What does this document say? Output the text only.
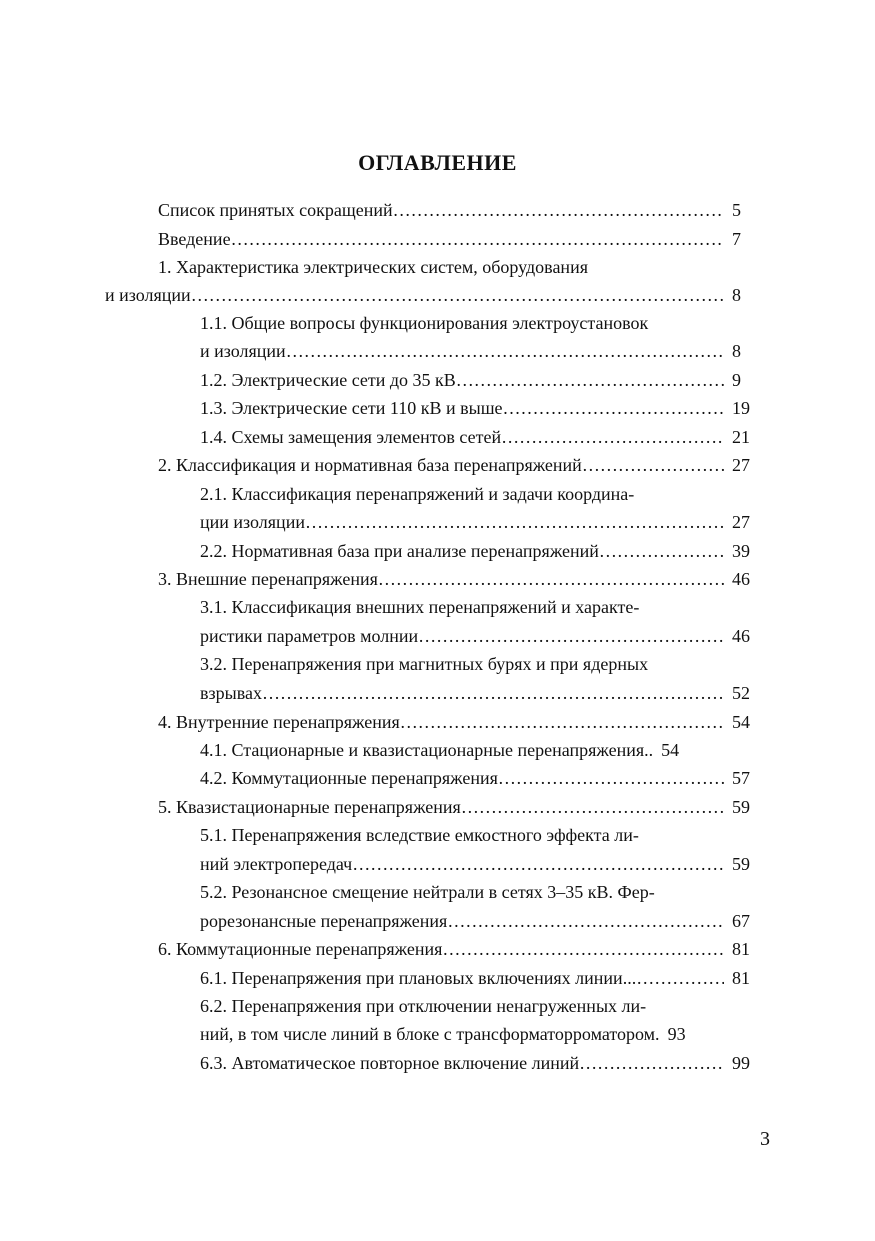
ОГЛАВЛЕНИЕ
Список принятых сокращений …………………………………………………………………………………………………………………………………………………………………………………………………………	5
Введение …………………………………………………………………………………………………………………………………………………………………………………………………………	7
1. Характеристика электрических систем, оборудования
и изоляции …………………………………………………………………………………………………………………………………………………………………………………………………………	8
1.1. Общие вопросы функционирования электроустановок
и изоляции …………………………………………………………………………………………………………………………………………………………………………………………………………	8
1.2. Электрические сети до 35 кВ …………………………………………………………………………………………………………………………………………………………………………………………………………	9
1.3. Электрические сети 110 кВ и выше …………………………………………………………………………………………………………………………………………………………………………………………………………	19
1.4. Схемы замещения элементов сетей …………………………………………………………………………………………………………………………………………………………………………………………………………	21
2. Классификация и нормативная база перенапряжений …………………………………………………………………………………………………………………………………………………………………………………………………………	27
2.1. Классификация перенапряжений и задачи координа-
ции изоляции …………………………………………………………………………………………………………………………………………………………………………………………………………	27
2.2. Нормативная база при анализе перенапряжений …………………………………………………………………………………………………………………………………………………………………………………………………………	39
3. Внешние перенапряжения …………………………………………………………………………………………………………………………………………………………………………………………………………	46
3.1. Классификация внешних перенапряжений и характе-
ристики параметров молнии …………………………………………………………………………………………………………………………………………………………………………………………………………	46
3.2. Перенапряжения при магнитных бурях и при ядерных
взрывах …………………………………………………………………………………………………………………………………………………………………………………………………………	52
4. Внутренние перенапряжения …………………………………………………………………………………………………………………………………………………………………………………………………………	54
4.1. Стационарные и квазистационарные перенапряжения.. 54
4.2. Коммутационные перенапряжения …………………………………………………………………………………………………………………………………………………………………………………………………………	57
5. Квазистационарные перенапряжения …………………………………………………………………………………………………………………………………………………………………………………………………………	59
5.1. Перенапряжения вследствие емкостного эффекта ли-
ний электропередач …………………………………………………………………………………………………………………………………………………………………………………………………………	59
5.2. Резонансное смещение нейтрали в сетях 3–35 кВ. Фер-
рорезонансные перенапряжения …………………………………………………………………………………………………………………………………………………………………………………………………………	67
6. Коммутационные перенапряжения …………………………………………………………………………………………………………………………………………………………………………………………………………	81
6.1. Перенапряжения при плановых включениях линии... …………………………………………………………………………………………………………………………………………………………………………………………………………	81
6.2. Перенапряжения при отключении ненагруженных ли-
ний, в том числе линий в блоке с трансформаторроматором. 93
6.3. Автоматическое повторное включение линий …………………………………………………………………………………………………………………………………………………………………………………………………………	99
3
